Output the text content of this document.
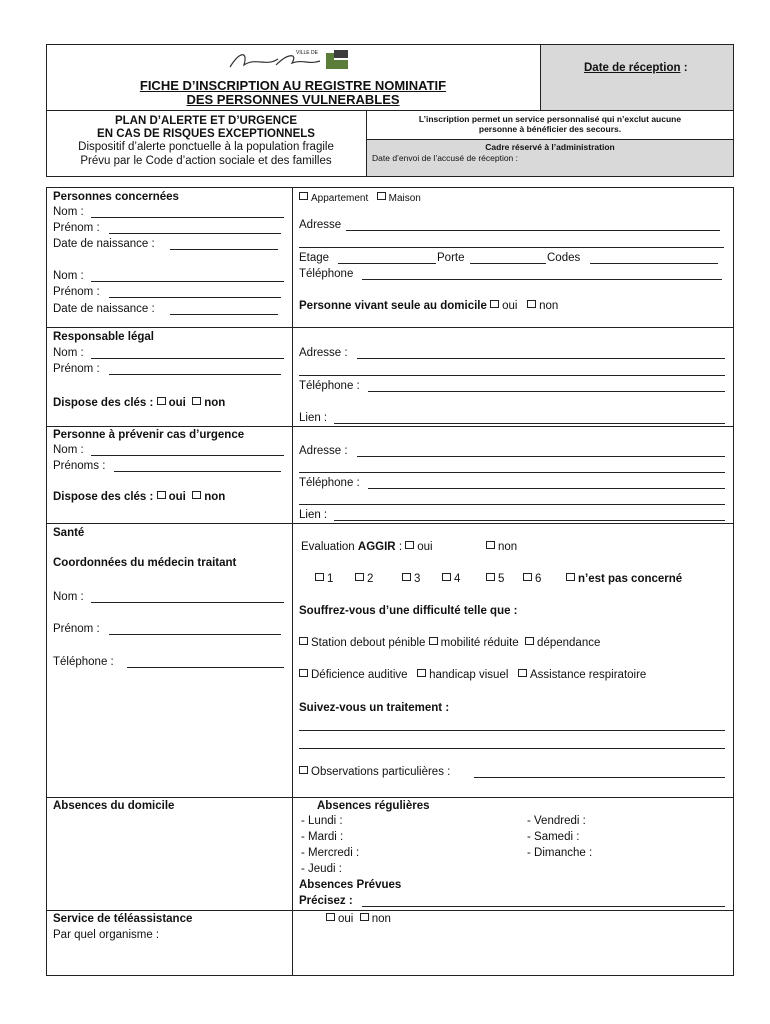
VILLE DE
FICHE D’INSCRIPTION AU REGISTRE NOMINATIF
DES PERSONNES VULNERABLES
Date de réception :
PLAN D’ALERTE ET D’URGENCE
EN CAS DE RISQUES EXCEPTIONNELS
Dispositif d’alerte ponctuelle à la population fragile
Prévu par le Code d’action sociale et des familles
L’inscription permet un service personnalisé qui n’exclut aucune
personne à bénéficier des secours.
Cadre réservé à l’administration
Date d’envoi de l’accusé de réception :
Personnes concernées
Nom :
Prénom :
Date de naissance :
Nom :
Prénom :
Date de naissance :
Appartement Maison
Adresse
Etage	Porte	Codes
Téléphone
Personne vivant seule au domicile oui non
Responsable légal
Nom :
Prénom :
Dispose des clés : oui non
Adresse :
Téléphone :
Lien :
Personne à prévenir cas d’urgence
Nom :
Prénoms :
Dispose des clés : oui non
Adresse :
Téléphone :
Lien :
Santé
Coordonnées du médecin traitant
Nom :
Prénom :
Téléphone :
Evaluation AGGIR : oui	non
1	2	3	4	5	6	n’est pas concerné
Souffrez-vous d’une difficulté telle que :
Station debout pénible mobilité réduite dépendance
Déficience auditive handicap visuel Assistance respiratoire
Suivez-vous un traitement :
Observations particulières :
Absences du domicile	Absences régulières
- Lundi :
- Mardi :
- Mercredi :
- Jeudi :
- Vendredi :
- Samedi :
- Dimanche :
Absences Prévues
Précisez :
Service de téléassistance
Par quel organisme :
oui non
